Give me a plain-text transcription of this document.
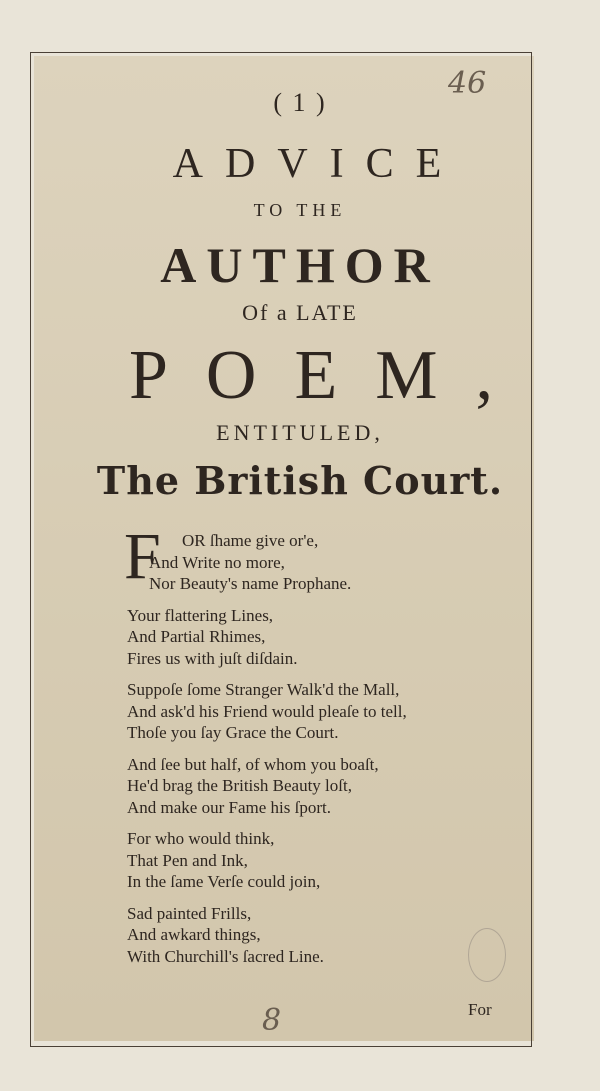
( 1 )
46
ADVICE
TO THE
AUTHOR
Of a LATE
POEM,
ENTITULED,
The British Court.
F	OR ſhame give or'e,
And Write no more,
Nor Beauty's name Prophane.
Your flattering Lines,
And Partial Rhimes,
Fires us with juſt diſdain.
Suppoſe ſome Stranger Walk'd the Mall,
And ask'd his Friend would pleaſe to tell,
Thoſe you ſay Grace the Court.
And ſee but half, of whom you boaſt,
He'd brag the British Beauty loſt,
And make our Fame his ſport.
For who would think,
That Pen and Ink,
In the ſame Verſe could join,
Sad painted Frills,
And awkard things,
With Churchill's ſacred Line.
8	For
